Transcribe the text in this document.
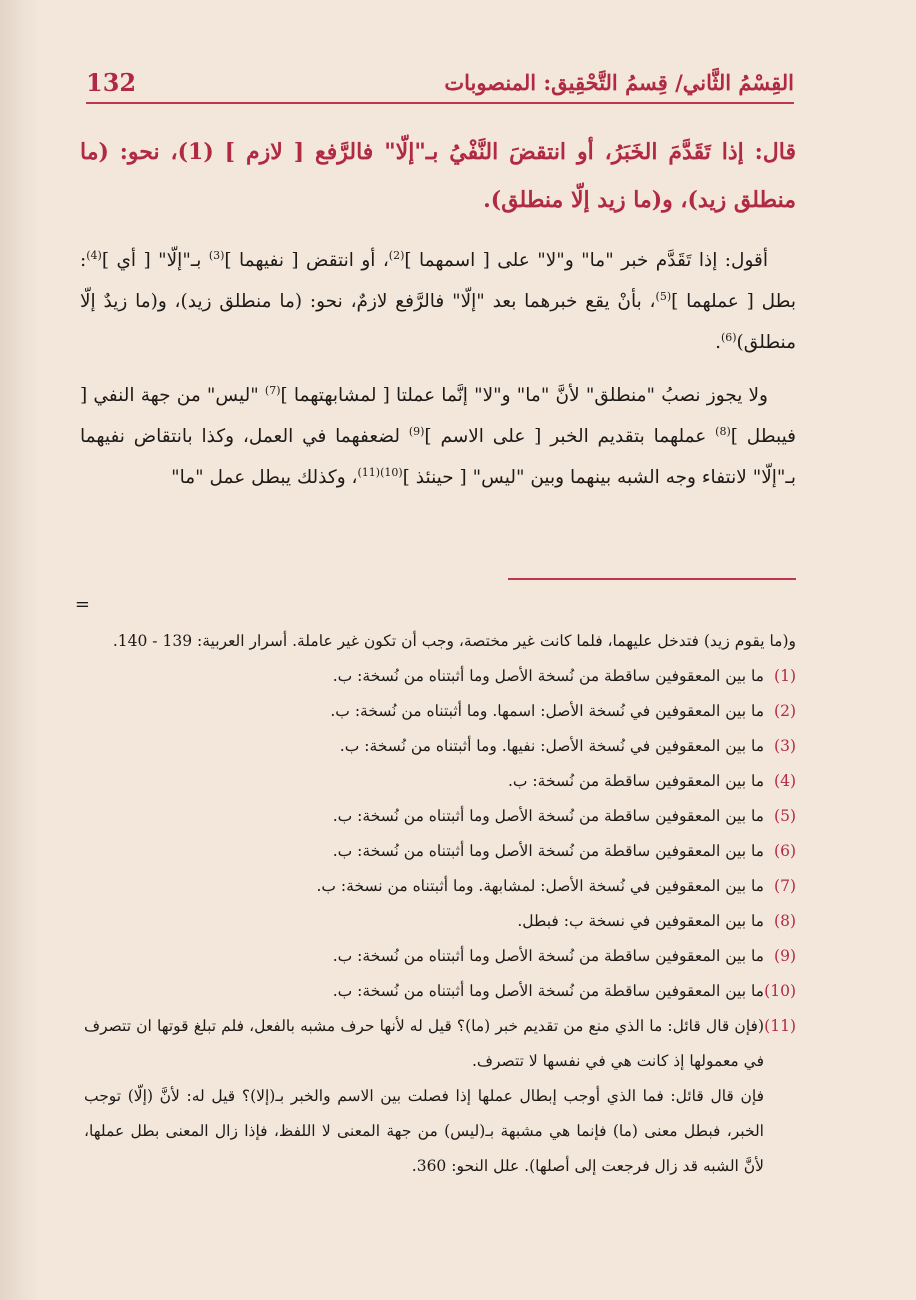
132	القِسْمُ الثَّاني/ قِسمُ التَّحْقِيق: المنصوبات
قال: إذا تَقَدَّمَ الخَبَرُ، أو انتقضَ النَّفْيُ بـ"إلّا" فالرَّفع [ لازم ] (1)، نحو: (ما منطلق زيد)، و(ما زيد إلّا منطلق).

أقول: إذا تَقَدَّم خبر "ما" و"لا" على [ اسمهما ]$^{(2)}$، أو انتقض [ نفيهما ]$^{(3)}$ بـ"إلّا" [ أي ]$^{(4)}$: بطل [ عملهما ]$^{(5)}$، بأنْ يقع خبرهما بعد "إلّا" فالرَّفع لازمٌ، نحو: (ما منطلق زيد)، و(ما زيدٌ إلّا منطلق)$^{(6)}$.

ولا يجوز نصبُ "منطلق" لأنَّ "ما" و"لا" إنَّما عملتا [ لمشابهتهما ]$^{(7)}$ "ليس" من جهة النفي [ فيبطل ]$^{(8)}$ عملهما بتقديم الخبر [ على الاسم ]$^{(9)}$ لضعفهما في العمل، وكذا بانتقاض نفيهما بـ"إلّا" لانتفاء وجه الشبه بينهما وبين "ليس" [ حينئذ ]$^{(10)(11)}$، وكذلك يبطل عمل "ما"

=

و(ما يقوم زيد) فتدخل عليهما، فلما كانت غير مختصة، وجب أن تكون غير عاملة. أسرار العربية: 139 - 140.

(1)
ما بين المعقوفين ساقطة من نُسخة الأصل وما أثبتناه من نُسخة: ب.
(2)
ما بين المعقوفين في نُسخة الأصل: اسمها. وما أثبتناه من نُسخة: ب.
(3)
ما بين المعقوفين في نُسخة الأصل: نفيها. وما أثبتناه من نُسخة: ب.
(4)
ما بين المعقوفين ساقطة من نُسخة: ب.
(5)
ما بين المعقوفين ساقطة من نُسخة الأصل وما أثبتناه من نُسخة: ب.
(6)
ما بين المعقوفين ساقطة من نُسخة الأصل وما أثبتناه من نُسخة: ب.
(7)
ما بين المعقوفين في نُسخة الأصل: لمشابهة. وما أثبتناه من نسخة: ب.
(8)
ما بين المعقوفين في نسخة ب: فبطل.
(9)
ما بين المعقوفين ساقطة من نُسخة الأصل وما أثبتناه من نُسخة: ب.
(10)
ما بين المعقوفين ساقطة من نُسخة الأصل وما أثبتناه من نُسخة: ب.
(11)
(فإن قال قائل: ما الذي منع من تقديم خبر (ما)؟ قيل له لأنها حرف مشبه بالفعل، فلم تبلغ قوتها ان تتصرف في معمولها إذ كانت هي في نفسها لا تتصرف.

فإن قال قائل: فما الذي أوجب إبطال عملها إذا فصلت بين الاسم والخبر بـ(إلا)؟ قيل له: لأنَّ (إلّا) توجب الخبر، فبطل معنى (ما) فإنما هي مشبهة بـ(ليس) من جهة المعنى لا اللفظ، فإذا زال المعنى بطل عملها، لأنَّ الشبه قد زال فرجعت إلى أصلها). علل النحو: 360.
